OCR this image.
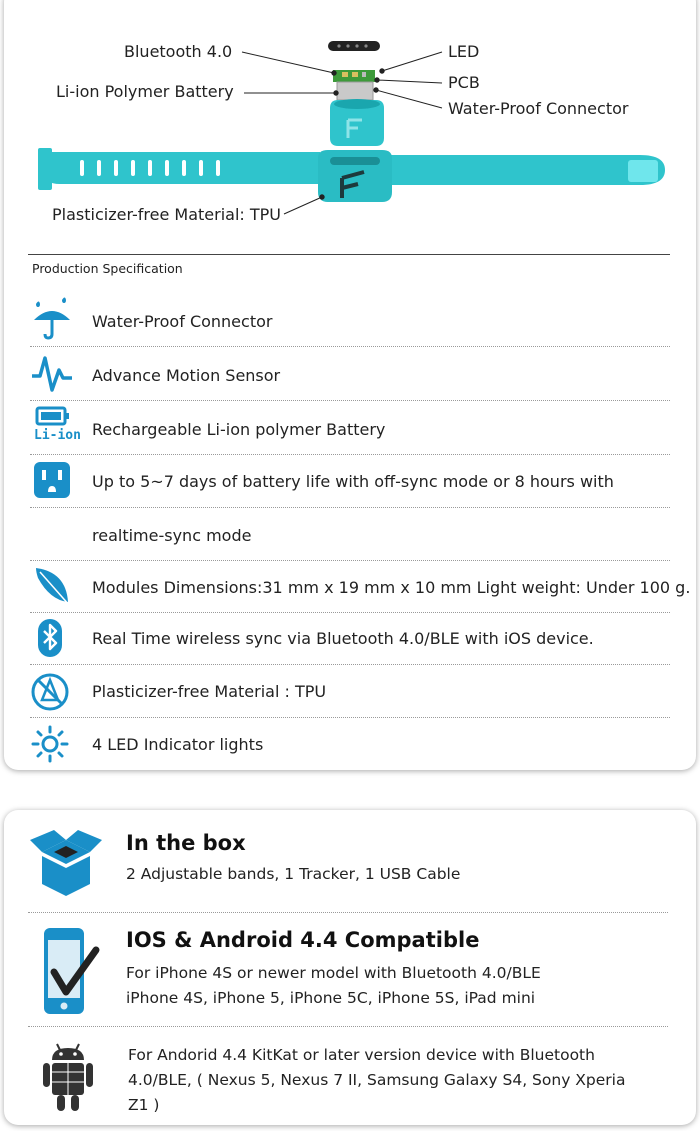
Bluetooth 4.0
Li-ion Polymer Battery
LED
PCB
Water-Proof Connector
Plasticizer-free Material: TPU
Production Specification
Water-Proof Connector
Advance Motion Sensor
Li-ion Rechargeable Li-ion polymer Battery
Up to 5~7 days of battery life with off-sync mode or 8 hours with
realtime-sync mode
Modules Dimensions:31 mm x 19 mm x 10 mm Light weight: Under 100 g.
Real Time wireless sync via Bluetooth 4.0/BLE with iOS device.
Plasticizer-free Material : TPU
4 LED Indicator lights
In the box
2 Adjustable bands, 1 Tracker, 1 USB Cable
IOS & Android 4.4 Compatible
For iPhone 4S or newer model with Bluetooth 4.0/BLE
iPhone 4S, iPhone 5, iPhone 5C, iPhone 5S, iPad mini
For Andorid 4.4 KitKat or later version device with Bluetooth
4.0/BLE, ( Nexus 5, Nexus 7 II, Samsung Galaxy S4, Sony Xperia
Z1 )
